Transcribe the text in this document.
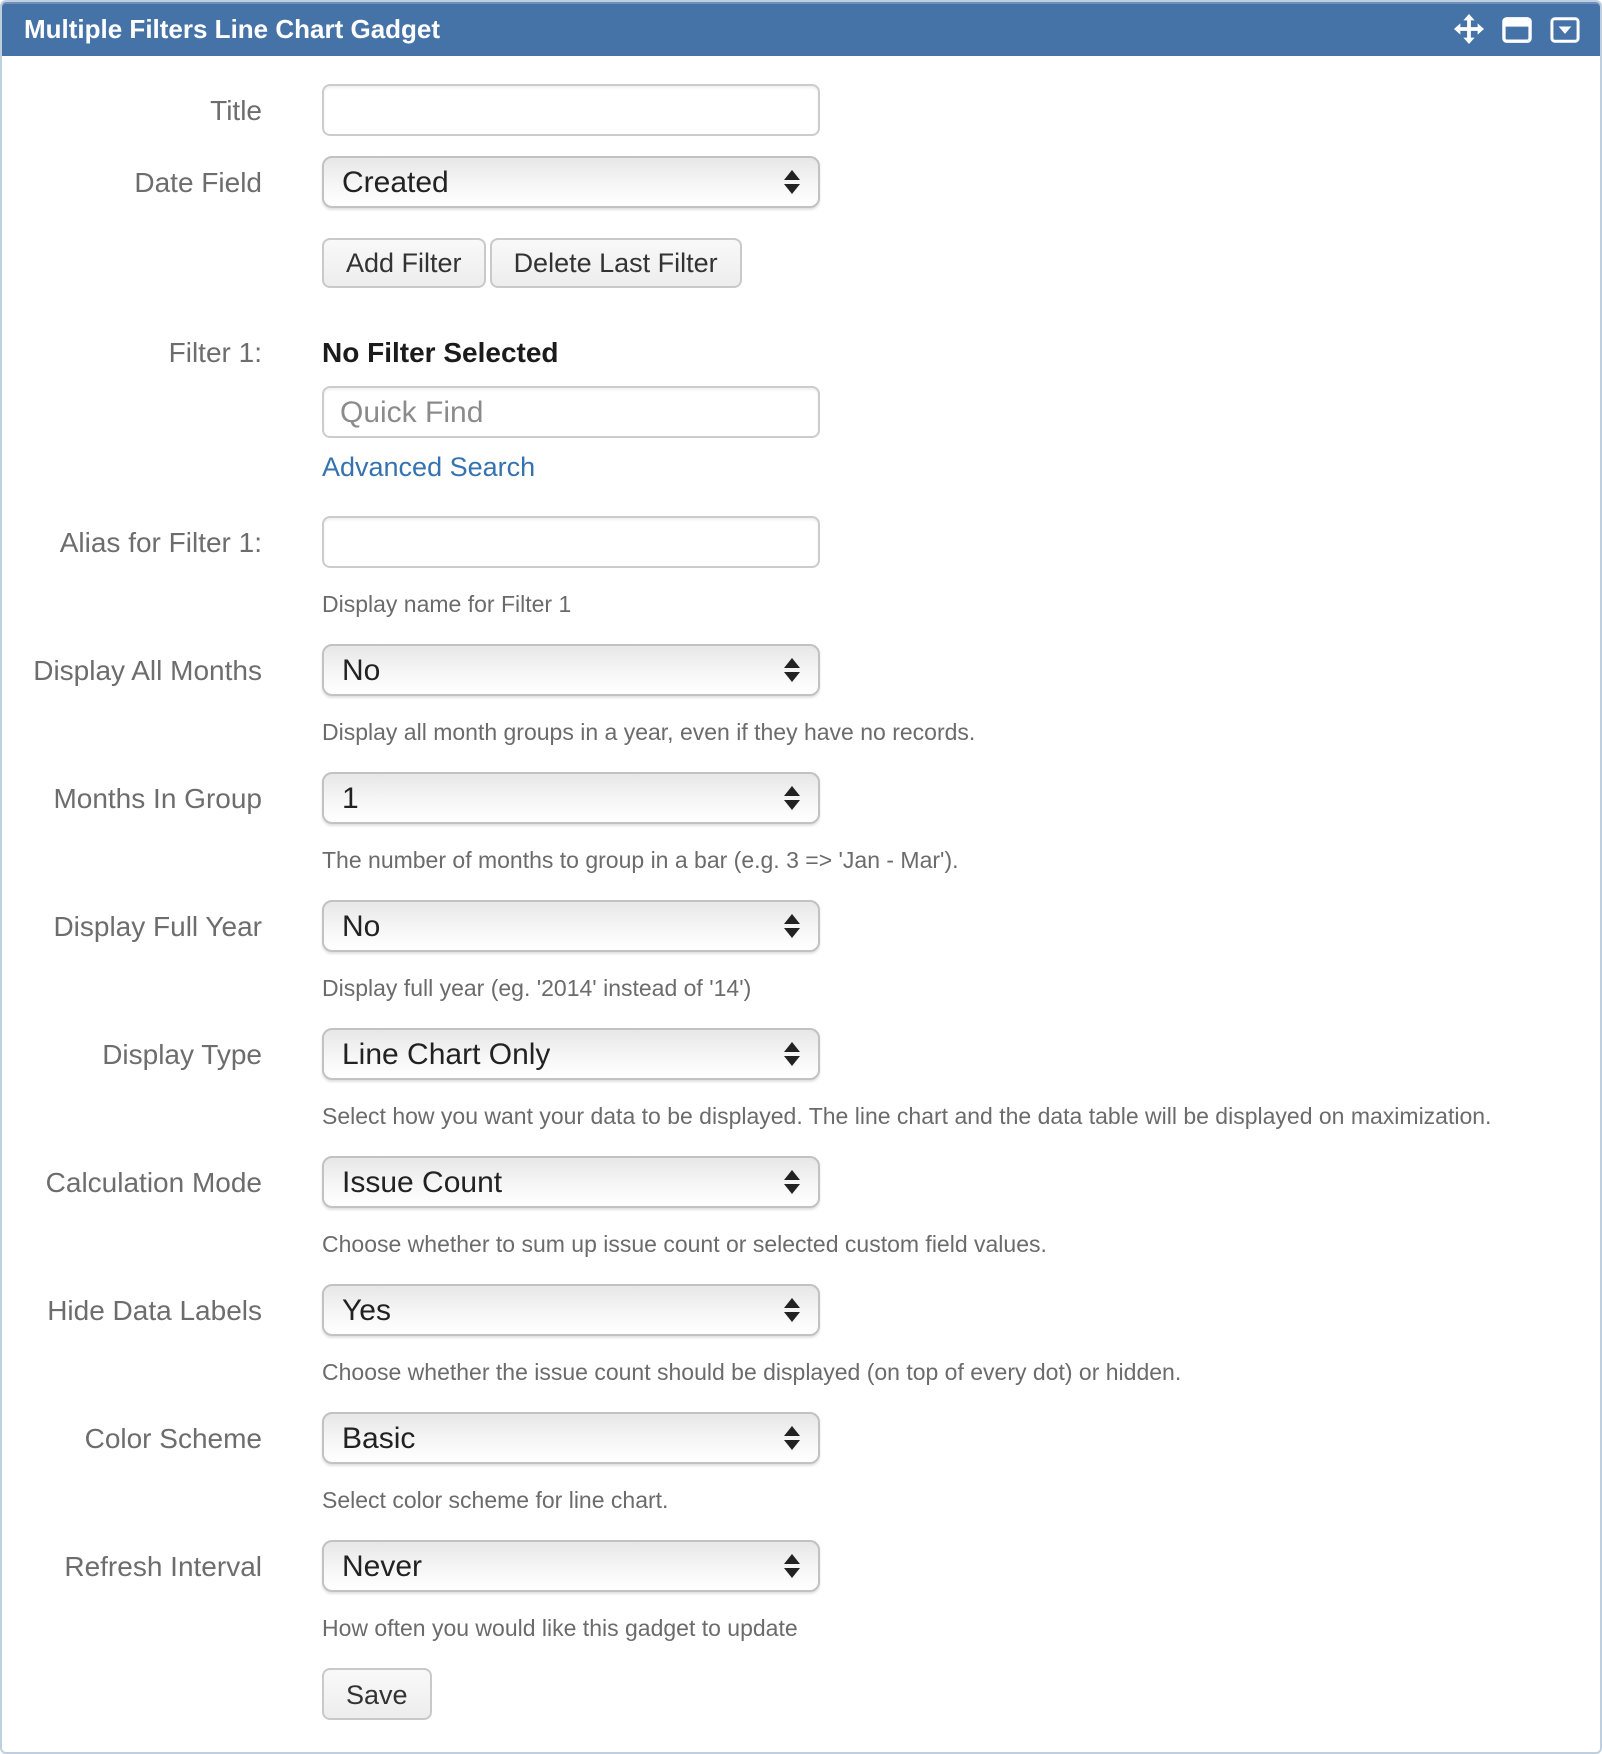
Multiple Filters Line Chart Gadget
Title
Date Field	Created
Add Filter	Delete Last Filter
Filter 1:	No Filter Selected
Quick Find
Advanced Search
Alias for Filter 1:
Display name for Filter 1
Display All Months	No
Display all month groups in a year, even if they have no records.
Months In Group	1
The number of months to group in a bar (e.g. 3 => 'Jan - Mar').
Display Full Year	No
Display full year (eg. '2014' instead of '14')
Display Type	Line Chart Only
Select how you want your data to be displayed. The line chart and the data table will be displayed on maximization.
Calculation Mode	Issue Count
Choose whether to sum up issue count or selected custom field values.
Hide Data Labels	Yes
Choose whether the issue count should be displayed (on top of every dot) or hidden.
Color Scheme	Basic
Select color scheme for line chart.
Refresh Interval	Never
How often you would like this gadget to update
Save
